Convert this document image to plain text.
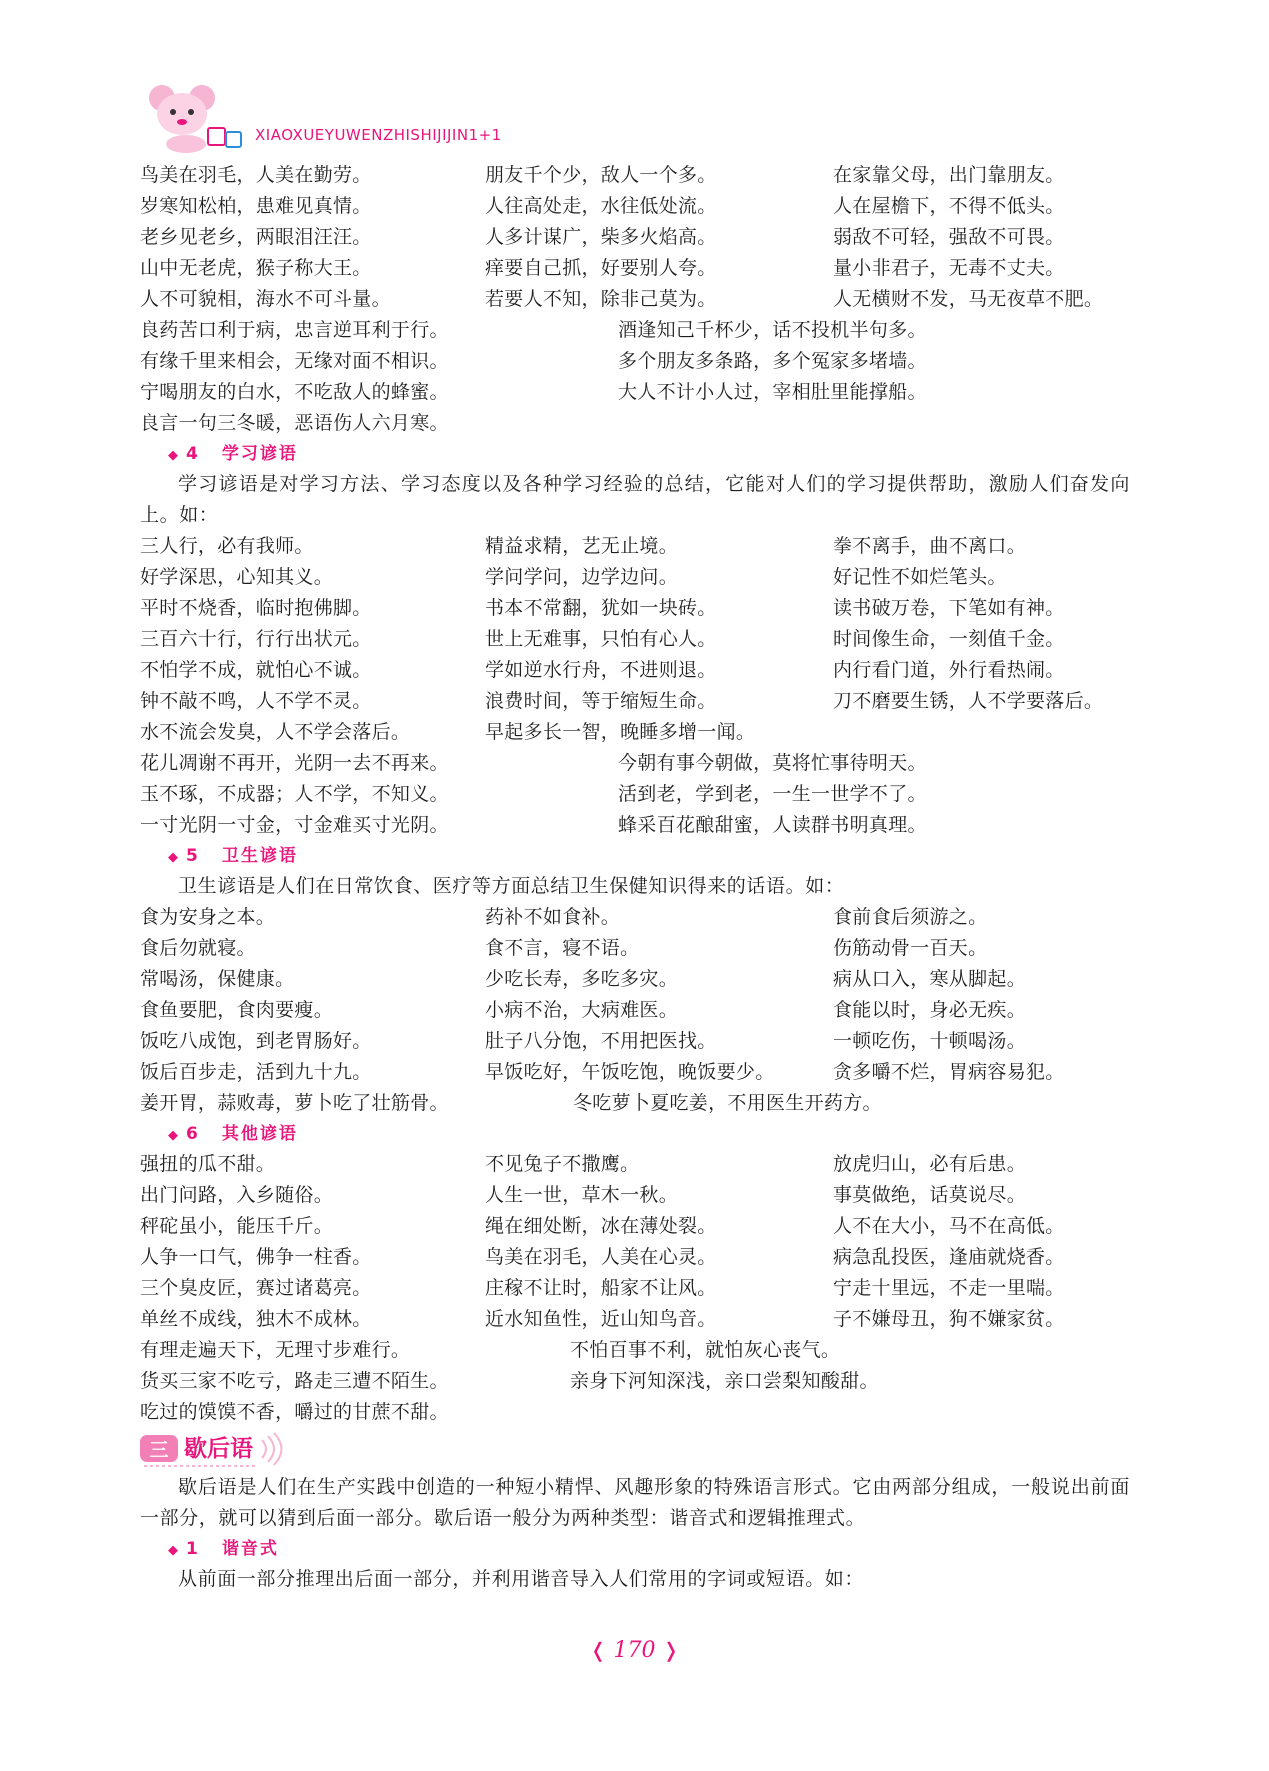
XIAOXUEYUWENZHISHIJIJIN1+1
鸟美在羽毛，人美在勤劳。	朋友千个少，敌人一个多。	在家靠父母，出门靠朋友。
岁寒知松柏，患难见真情。	人往高处走，水往低处流。	人在屋檐下，不得不低头。
老乡见老乡，两眼泪汪汪。	人多计谋广，柴多火焰高。	弱敌不可轻，强敌不可畏。
山中无老虎，猴子称大王。	痒要自己抓，好要别人夸。	量小非君子，无毒不丈夫。
人不可貌相，海水不可斗量。	若要人不知，除非己莫为。	人无横财不发，马无夜草不肥。
良药苦口利于病，忠言逆耳利于行。	酒逢知己千杯少，话不投机半句多。
有缘千里来相会，无缘对面不相识。	多个朋友多条路，多个冤家多堵墙。
宁喝朋友的白水，不吃敌人的蜂蜜。	大人不计小人过，宰相肚里能撑船。
良言一句三冬暖，恶语伤人六月寒。
◆ 4 学习谚语
学习谚语是对学习方法、学习态度以及各种学习经验的总结，它能对人们的学习提供帮助，激励人们奋发向上。如：
三人行，必有我师。	精益求精，艺无止境。	拳不离手，曲不离口。
好学深思，心知其义。	学问学问，边学边问。	好记性不如烂笔头。
平时不烧香，临时抱佛脚。	书本不常翻，犹如一块砖。	读书破万卷，下笔如有神。
三百六十行，行行出状元。	世上无难事，只怕有心人。	时间像生命，一刻值千金。
不怕学不成，就怕心不诚。	学如逆水行舟，不进则退。	内行看门道，外行看热闹。
钟不敲不鸣，人不学不灵。	浪费时间，等于缩短生命。	刀不磨要生锈，人不学要落后。
水不流会发臭，人不学会落后。	早起多长一智，晚睡多增一闻。
花儿凋谢不再开，光阴一去不再来。	今朝有事今朝做，莫将忙事待明天。
玉不琢，不成器；人不学，不知义。	活到老，学到老，一生一世学不了。
一寸光阴一寸金，寸金难买寸光阴。	蜂采百花酿甜蜜，人读群书明真理。
◆ 5 卫生谚语
卫生谚语是人们在日常饮食、医疗等方面总结卫生保健知识得来的话语。如：
食为安身之本。	药补不如食补。	食前食后须游之。
食后勿就寝。	食不言，寝不语。	伤筋动骨一百天。
常喝汤，保健康。	少吃长寿，多吃多灾。	病从口入，寒从脚起。
食鱼要肥，食肉要瘦。	小病不治，大病难医。	食能以时，身必无疾。
饭吃八成饱，到老胃肠好。	肚子八分饱，不用把医找。	一顿吃伤，十顿喝汤。
饭后百步走，活到九十九。	早饭吃好，午饭吃饱，晚饭要少。	贪多嚼不烂，胃病容易犯。
姜开胃，蒜败毒，萝卜吃了壮筋骨。	冬吃萝卜夏吃姜，不用医生开药方。
◆ 6 其他谚语
强扭的瓜不甜。	不见兔子不撒鹰。	放虎归山，必有后患。
出门问路，入乡随俗。	人生一世，草木一秋。	事莫做绝，话莫说尽。
秤砣虽小，能压千斤。	绳在细处断，冰在薄处裂。	人不在大小，马不在高低。
人争一口气，佛争一柱香。	鸟美在羽毛，人美在心灵。	病急乱投医，逢庙就烧香。
三个臭皮匠，赛过诸葛亮。	庄稼不让时，船家不让风。	宁走十里远，不走一里喘。
单丝不成线，独木不成林。	近水知鱼性，近山知鸟音。	子不嫌母丑，狗不嫌家贫。
有理走遍天下，无理寸步难行。	不怕百事不利，就怕灰心丧气。
货买三家不吃亏，路走三遭不陌生。	亲身下河知深浅，亲口尝梨知酸甜。
吃过的馍馍不香，嚼过的甘蔗不甜。
三 歇后语
歇后语是人们在生产实践中创造的一种短小精悍、风趣形象的特殊语言形式。它由两部分组成，一般说出前面一部分，就可以猜到后面一部分。歇后语一般分为两种类型：谐音式和逻辑推理式。
◆ 1 谐音式
从前面一部分推理出后面一部分，并利用谐音导入人们常用的字词或短语。如：
❬ 170 ❭
